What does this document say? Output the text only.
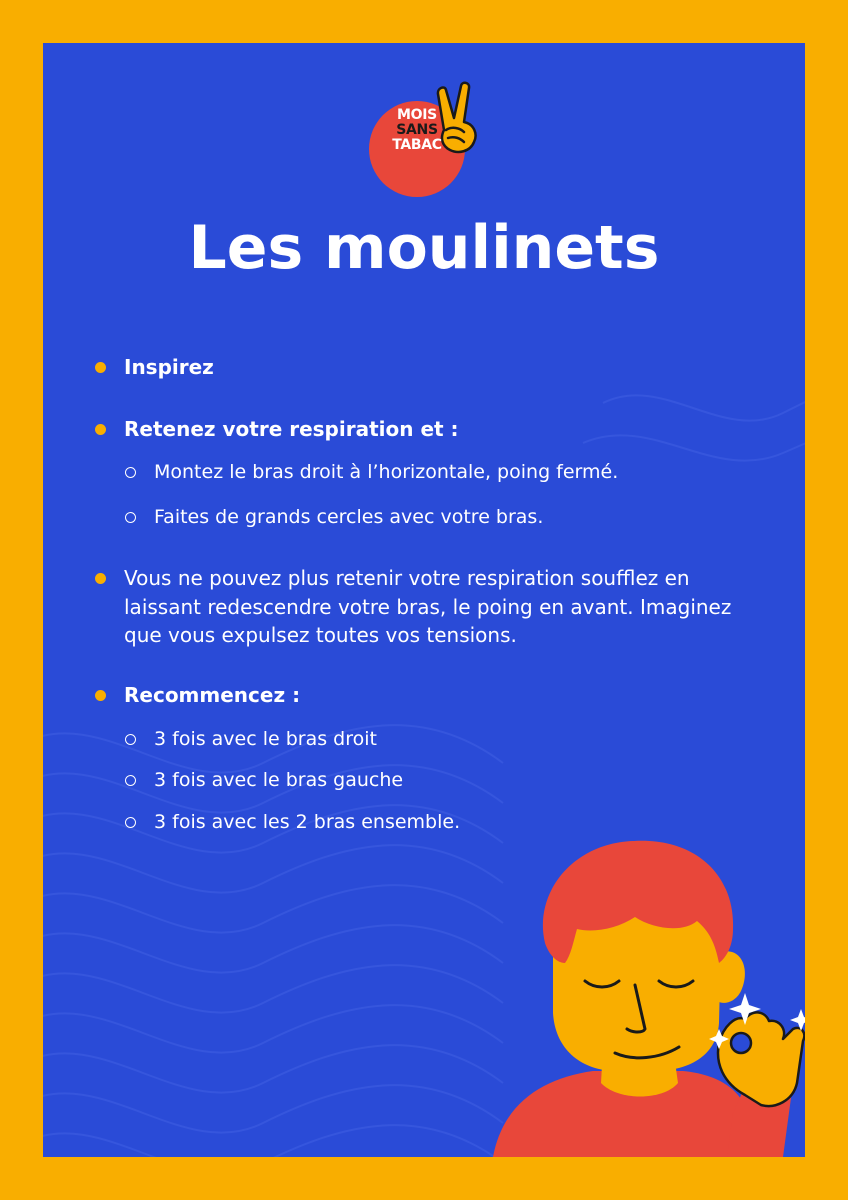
MOIS
SANS
TABAC
Les moulinets
Inspirez
Retenez votre respiration et :
Montez le bras droit à l’horizontale, poing fermé.
Faites de grands cercles avec votre bras.
Vous ne pouvez plus retenir votre respiration soufflez en laissant redescendre votre bras, le poing en avant. Imaginez que vous expulsez toutes vos tensions.
Recommencez :
3 fois avec le bras droit
3 fois avec le bras gauche
3 fois avec les 2 bras ensemble.
